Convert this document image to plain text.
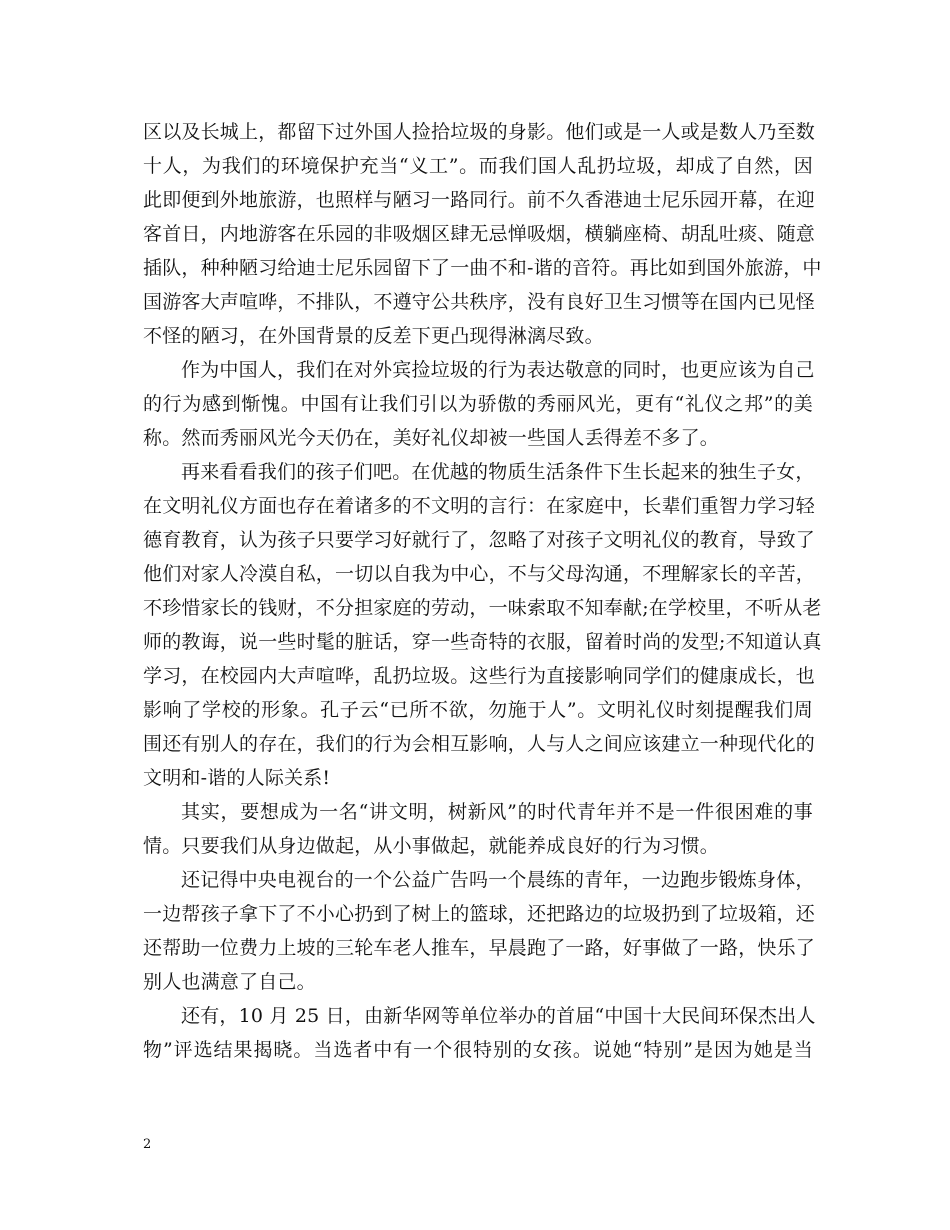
区以及长城上，都留下过外国人捡拾垃圾的身影。他们或是一人或是数人乃至数
十人，为我们的环境保护充当“义工”。而我们国人乱扔垃圾，却成了自然，因
此即便到外地旅游，也照样与陋习一路同行。前不久香港迪士尼乐园开幕，在迎
客首日，内地游客在乐园的非吸烟区肆无忌惮吸烟，横躺座椅、胡乱吐痰、随意
插队，种种陋习给迪士尼乐园留下了一曲不和-谐的音符。再比如到国外旅游，中
国游客大声喧哗，不排队，不遵守公共秩序，没有良好卫生习惯等在国内已见怪
不怪的陋习，在外国背景的反差下更凸现得淋漓尽致。
作为中国人，我们在对外宾捡垃圾的行为表达敬意的同时，也更应该为自己
的行为感到惭愧。中国有让我们引以为骄傲的秀丽风光，更有“礼仪之邦”的美
称。然而秀丽风光今天仍在，美好礼仪却被一些国人丢得差不多了。
再来看看我们的孩子们吧。在优越的物质生活条件下生长起来的独生子女，
在文明礼仪方面也存在着诸多的不文明的言行：在家庭中，长辈们重智力学习轻
德育教育，认为孩子只要学习好就行了，忽略了对孩子文明礼仪的教育，导致了
他们对家人冷漠自私，一切以自我为中心，不与父母沟通，不理解家长的辛苦，
不珍惜家长的钱财，不分担家庭的劳动，一味索取不知奉献;在学校里，不听从老
师的教诲，说一些时髦的脏话，穿一些奇特的衣服，留着时尚的发型;不知道认真
学习，在校园内大声喧哗，乱扔垃圾。这些行为直接影响同学们的健康成长，也
影响了学校的形象。孔子云“已所不欲，勿施于人”。文明礼仪时刻提醒我们周
围还有别人的存在，我们的行为会相互影响，人与人之间应该建立一种现代化的
文明和-谐的人际关系!
其实，要想成为一名“讲文明，树新风”的时代青年并不是一件很困难的事
情。只要我们从身边做起，从小事做起，就能养成良好的行为习惯。
还记得中央电视台的一个公益广告吗一个晨练的青年，一边跑步锻炼身体，
一边帮孩子拿下了不小心扔到了树上的篮球，还把路边的垃圾扔到了垃圾箱，还
还帮助一位费力上坡的三轮车老人推车，早晨跑了一路，好事做了一路，快乐了
别人也满意了自己。
还有，10 月 25 日，由新华网等单位举办的首届“中国十大民间环保杰出人
物”评选结果揭晓。当选者中有一个很特别的女孩。说她“特别”是因为她是当
2
